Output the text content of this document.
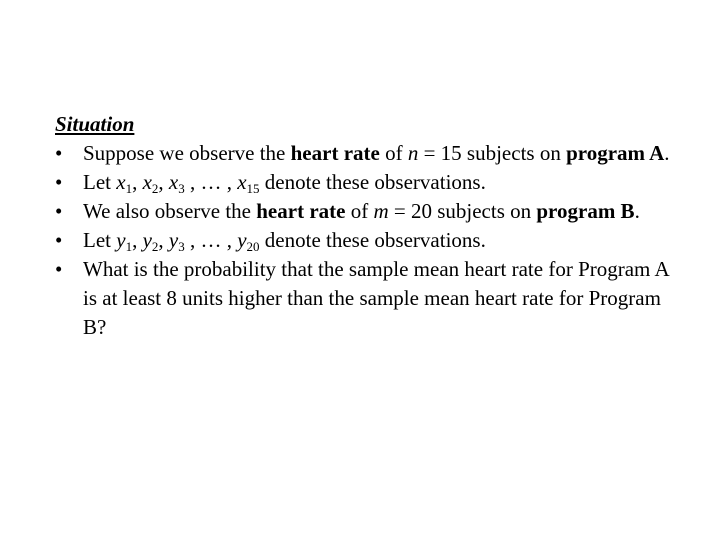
Situation
• Suppose we observe the heart rate of n = 15 subjects on program A.
• Let $x_1$, $x_2$, $x_3$ , … , $x_{15}$ denote these observations.
• We also observe the heart rate of m = 20 subjects on program B.
• Let $y_1$, $y_2$, $y_3$ , … , $y_{20}$ denote these observations.
• What is the probability that the sample mean heart rate for Program A is at least 8 units higher than the sample mean heart rate for Program B?
